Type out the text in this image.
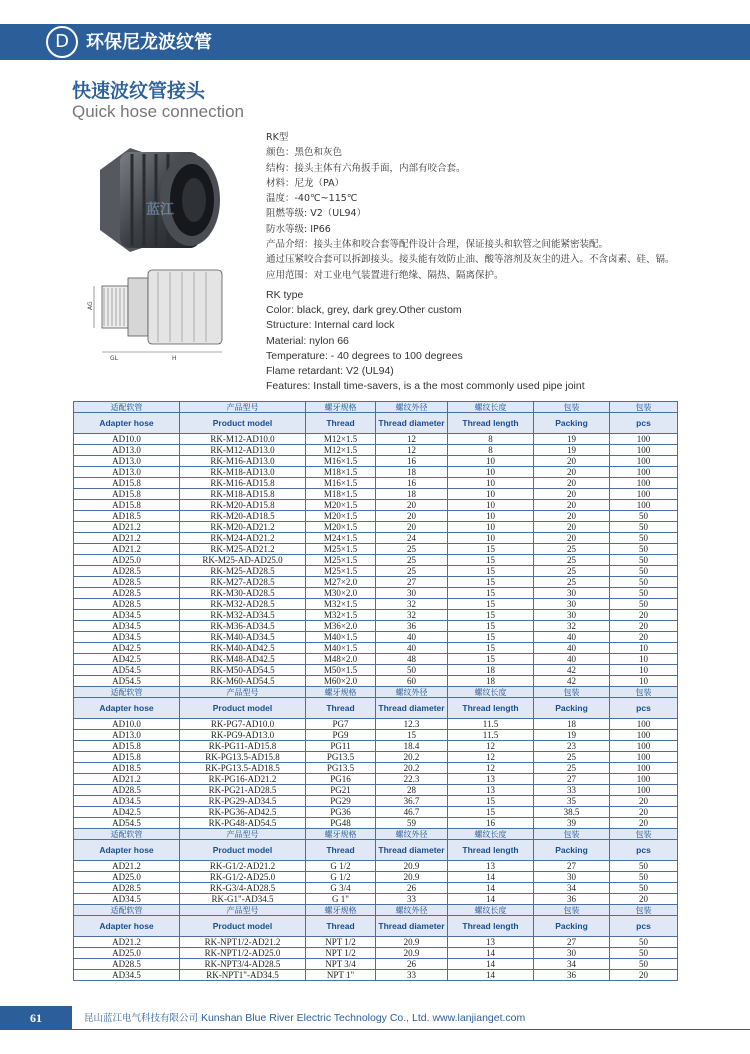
D 环保尼龙波纹管
快速波纹管接头
Quick hose connection
蓝江
AG
GL	H
RK型
颜色：黑色和灰色
结构：接头主体有六角扳手面，内部有咬合套。
材料：尼龙（PA）
温度：-40℃~115℃
阻燃等级: V2（UL94）
防水等级: IP66
产品介绍：接头主体和咬合套等配件设计合理，保证接头和软管之间能紧密装配。
通过压紧咬合套可以拆卸接头。接头能有效防止油、酸等溶剂及灰尘的进入。不含卤素、硅、镉。
应用范围：对工业电气装置进行绝缘、隔热、隔离保护。
RK type
Color: black, grey, dark grey.Other custom
Structure: Internal card lock
Material: nylon 66
Temperature: - 40 degrees to 100 degrees
Flame retardant: V2 (UL94)
Features: Install time-savers, is a the most commonly used pipe joint
适配软管	产品型号	螺牙规格	螺纹外径	螺纹长度	包装	包装
Adapter hose	Product model	Thread	Thread diameter	Thread length	Packing	pcs
AD10.0	RK-M12-AD10.0	M12×1.5	12	8	19	100
AD13.0	RK-M12-AD13.0	M12×1.5	12	8	19	100
AD13.0	RK-M16-AD13.0	M16×1.5	16	10	20	100
AD13.0	RK-M18-AD13.0	M18×1.5	18	10	20	100
AD15.8	RK-M16-AD15.8	M16×1.5	16	10	20	100
AD15.8	RK-M18-AD15.8	M18×1.5	18	10	20	100
AD15.8	RK-M20-AD15.8	M20×1.5	20	10	20	100
AD18.5	RK-M20-AD18.5	M20×1.5	20	10	20	50
AD21.2	RK-M20-AD21.2	M20×1.5	20	10	20	50
AD21.2	RK-M24-AD21.2	M24×1.5	24	10	20	50
AD21.2	RK-M25-AD21.2	M25×1.5	25	15	25	50
AD25.0	RK-M25-AD-AD25.0	M25×1.5	25	15	25	50
AD28.5	RK-M25-AD28.5	M25×1.5	25	15	25	50
AD28.5	RK-M27-AD28.5	M27×2.0	27	15	25	50
AD28.5	RK-M30-AD28.5	M30×2.0	30	15	30	50
AD28.5	RK-M32-AD28.5	M32×1.5	32	15	30	50
AD34.5	RK-M32-AD34.5	M32×1.5	32	15	30	20
AD34.5	RK-M36-AD34.5	M36×2.0	36	15	32	20
AD34.5	RK-M40-AD34.5	M40×1.5	40	15	40	20
AD42.5	RK-M40-AD42.5	M40×1.5	40	15	40	10
AD42.5	RK-M48-AD42.5	M48×2.0	48	15	40	10
AD54.5	RK-M50-AD54.5	M50×1.5	50	18	42	10
AD54.5	RK-M60-AD54.5	M60×2.0	60	18	42	10
适配软管	产品型号	螺牙规格	螺纹外径	螺纹长度	包装	包装
Adapter hose	Product model	Thread	Thread diameter	Thread length	Packing	pcs
AD10.0	RK-PG7-AD10.0	PG7	12.3	11.5	18	100
AD13.0	RK-PG9-AD13.0	PG9	15	11.5	19	100
AD15.8	RK-PG11-AD15.8	PG11	18.4	12	23	100
AD15.8	RK-PG13.5-AD15.8	PG13.5	20.2	12	25	100
AD18.5	RK-PG13.5-AD18.5	PG13.5	20.2	12	25	100
AD21.2	RK-PG16-AD21.2	PG16	22.3	13	27	100
AD28.5	RK-PG21-AD28.5	PG21	28	13	33	100
AD34.5	RK-PG29-AD34.5	PG29	36.7	15	35	20
AD42.5	RK-PG36-AD42.5	PG36	46.7	15	38.5	20
AD54.5	RK-PG48-AD54.5	PG48	59	16	39	20
适配软管	产品型号	螺牙规格	螺纹外径	螺纹长度	包装	包装
Adapter hose	Product model	Thread	Thread diameter	Thread length	Packing	pcs
AD21.2	RK-G1/2-AD21.2	G 1/2	20.9	13	27	50
AD25.0	RK-G1/2-AD25.0	G 1/2	20.9	14	30	50
AD28.5	RK-G3/4-AD28.5	G 3/4	26	14	34	50
AD34.5	RK-G1"-AD34.5	G 1"	33	14	36	20
适配软管	产品型号	螺牙规格	螺纹外径	螺纹长度	包装	包装
Adapter hose	Product model	Thread	Thread diameter	Thread length	Packing	pcs
AD21.2	RK-NPT1/2-AD21.2	NPT 1/2	20.9	13	27	50
AD25.0	RK-NPT1/2-AD25.0	NPT 1/2	20.9	14	30	50
AD28.5	RK-NPT3/4-AD28.5	NPT 3/4	26	14	34	50
AD34.5	RK-NPT1"-AD34.5	NPT 1"	33	14	36	20
61	昆山蓝江电气科技有限公司 Kunshan Blue River Electric Technology Co., Ltd. www.lanjianget.com
